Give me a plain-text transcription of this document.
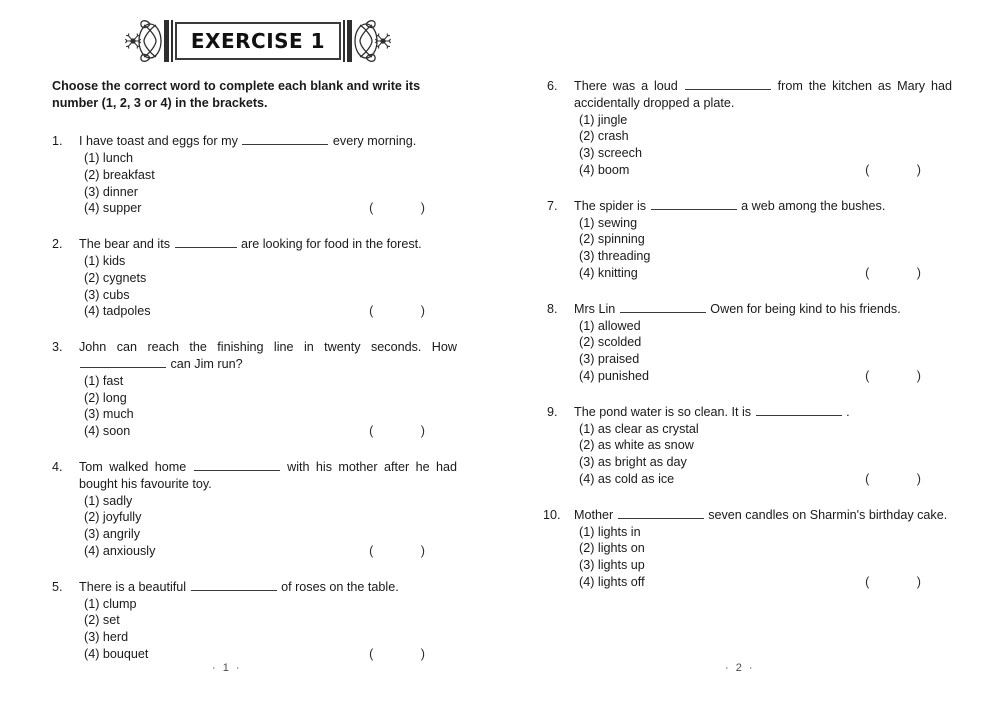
EXERCISE 1

Choose the correct word to complete each blank and write its number (1, 2, 3 or 4) in the brackets.

1.	I have toast and eggs for my	every morning.

(1) lunch
(2) breakfast
(3) dinner
(4) supper	( )
2.	The bear and its	are looking for food in the forest.

(1) kids
(2) cygnets
(3) cubs
(4) tadpoles	( )
3.	John can reach the finishing line in twenty seconds. How  can Jim run?

(1) fast
(2) long
(3) much
(4) soon	( )
4.	Tom walked home	with his mother after he had bought his favourite toy.

(1) sadly
(2) joyfully
(3) angrily
(4) anxiously	( )
5.	There is a beautiful	of roses on the table.

(1) clump
(2) set
(3) herd
(4) bouquet	( )
6.	There was a loud	from the kitchen as Mary had accidentally dropped a plate.

(1) jingle
(2) crash
(3) screech
(4) boom	( )
7.	The spider is	a web among the bushes.

(1) sewing
(2) spinning
(3) threading
(4) knitting	( )
8.	Mrs Lin	Owen for being kind to his friends.

(1) allowed
(2) scolded
(3) praised
(4) punished	( )
9.	The pond water is so clean. It is	.

(1) as clear as crystal
(2) as white as snow
(3) as bright as day
(4) as cold as ice	( )
10.	Mother	seven candles on Sharmin's birthday cake.

(1) lights in
(2) lights on
(3) lights up
(4) lights off	( )
· 1 ·	· 2 ·
